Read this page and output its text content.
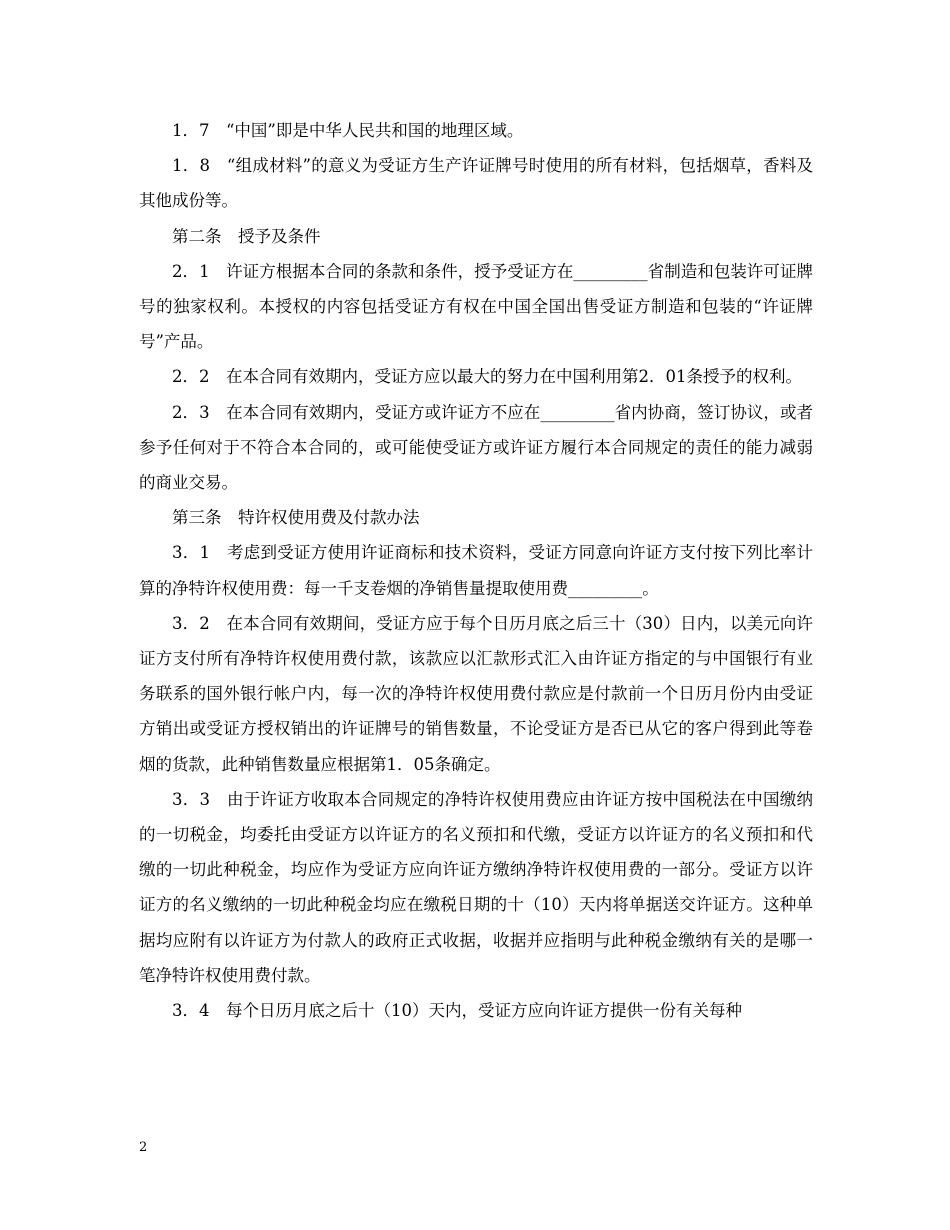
1．7　“中国”即是中华人民共和国的地理区域。

1．8　“组成材料”的意义为受证方生产许证牌号时使用的所有材料，包括烟草，香料及其他成份等。

第二条　授予及条件

2．1　许证方根据本合同的条款和条件，授予受证方在_________省制造和包装许可证牌号的独家权利。本授权的内容包括受证方有权在中国全国出售受证方制造和包装的“许证牌号”产品。

2．2　在本合同有效期内，受证方应以最大的努力在中国利用第2．01条授予的权利。

2．3　在本合同有效期内，受证方或许证方不应在_________省内协商，签订协议，或者参予任何对于不符合本合同的，或可能使受证方或许证方履行本合同规定的责任的能力减弱的商业交易。

第三条　特许权使用费及付款办法

3．1　考虑到受证方使用许证商标和技术资料，受证方同意向许证方支付按下列比率计算的净特许权使用费：每一千支卷烟的净销售量提取使用费_________。

3．2　在本合同有效期间，受证方应于每个日历月底之后三十（30）日内，以美元向许证方支付所有净特许权使用费付款，该款应以汇款形式汇入由许证方指定的与中国银行有业务联系的国外银行帐户内，每一次的净特许权使用费付款应是付款前一个日历月份内由受证方销出或受证方授权销出的许证牌号的销售数量，不论受证方是否已从它的客户得到此等卷烟的货款，此种销售数量应根据第1．05条确定。

3．3　由于许证方收取本合同规定的净特许权使用费应由许证方按中国税法在中国缴纳的一切税金，均委托由受证方以许证方的名义预扣和代缴，受证方以许证方的名义预扣和代缴的一切此种税金，均应作为受证方应向许证方缴纳净特许权使用费的一部分。受证方以许证方的名义缴纳的一切此种税金均应在缴税日期的十（10）天内将单据送交许证方。这种单据均应附有以许证方为付款人的政府正式收据，收据并应指明与此种税金缴纳有关的是哪一笔净特许权使用费付款。

3．4　每个日历月底之后十（10）天内，受证方应向许证方提供一份有关每种

2
